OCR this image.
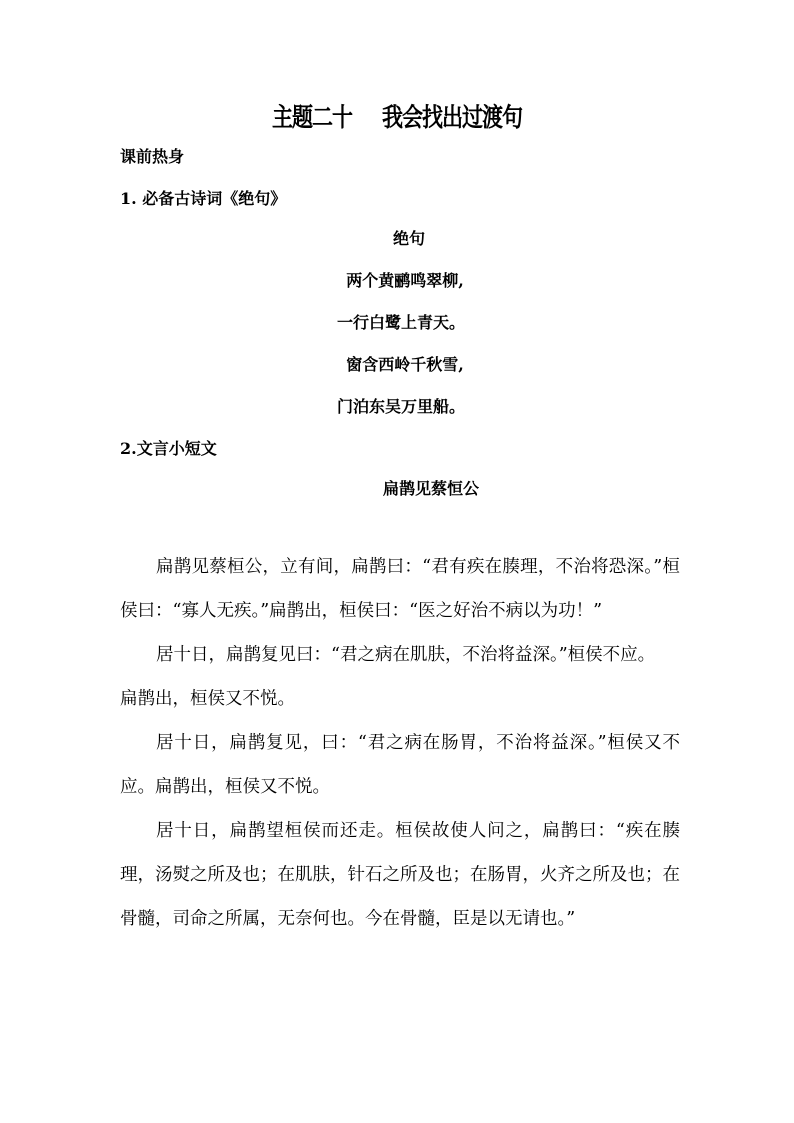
主题二十 我会找出过渡句
课前热身
1. 必备古诗词《绝句》
绝句
两个黄鹂鸣翠柳,
一行白鹭上青天。
窗含西岭千秋雪,
门泊东吴万里船。
2.文言小短文
扁鹊见蔡恒公

扁鹊见蔡桓公，立有间，扁鹊曰：“君有疾在腠理，不治将恐深。”桓侯曰：“寡人无疾。”扁鹊出，桓侯曰：“医之好治不病以为功！”

居十日，扁鹊复见曰：“君之病在肌肤，不治将益深。”桓侯不应。

扁鹊出，桓侯又不悦。

居十日，扁鹊复见，曰：“君之病在肠胃，不治将益深。”桓侯又不应。扁鹊出，桓侯又不悦。

居十日，扁鹊望桓侯而还走。桓侯故使人问之，扁鹊曰：“疾在腠理，汤熨之所及也；在肌肤，针石之所及也；在肠胃，火齐之所及也；在骨髓，司命之所属，无奈何也。今在骨髓，臣是以无请也。”
